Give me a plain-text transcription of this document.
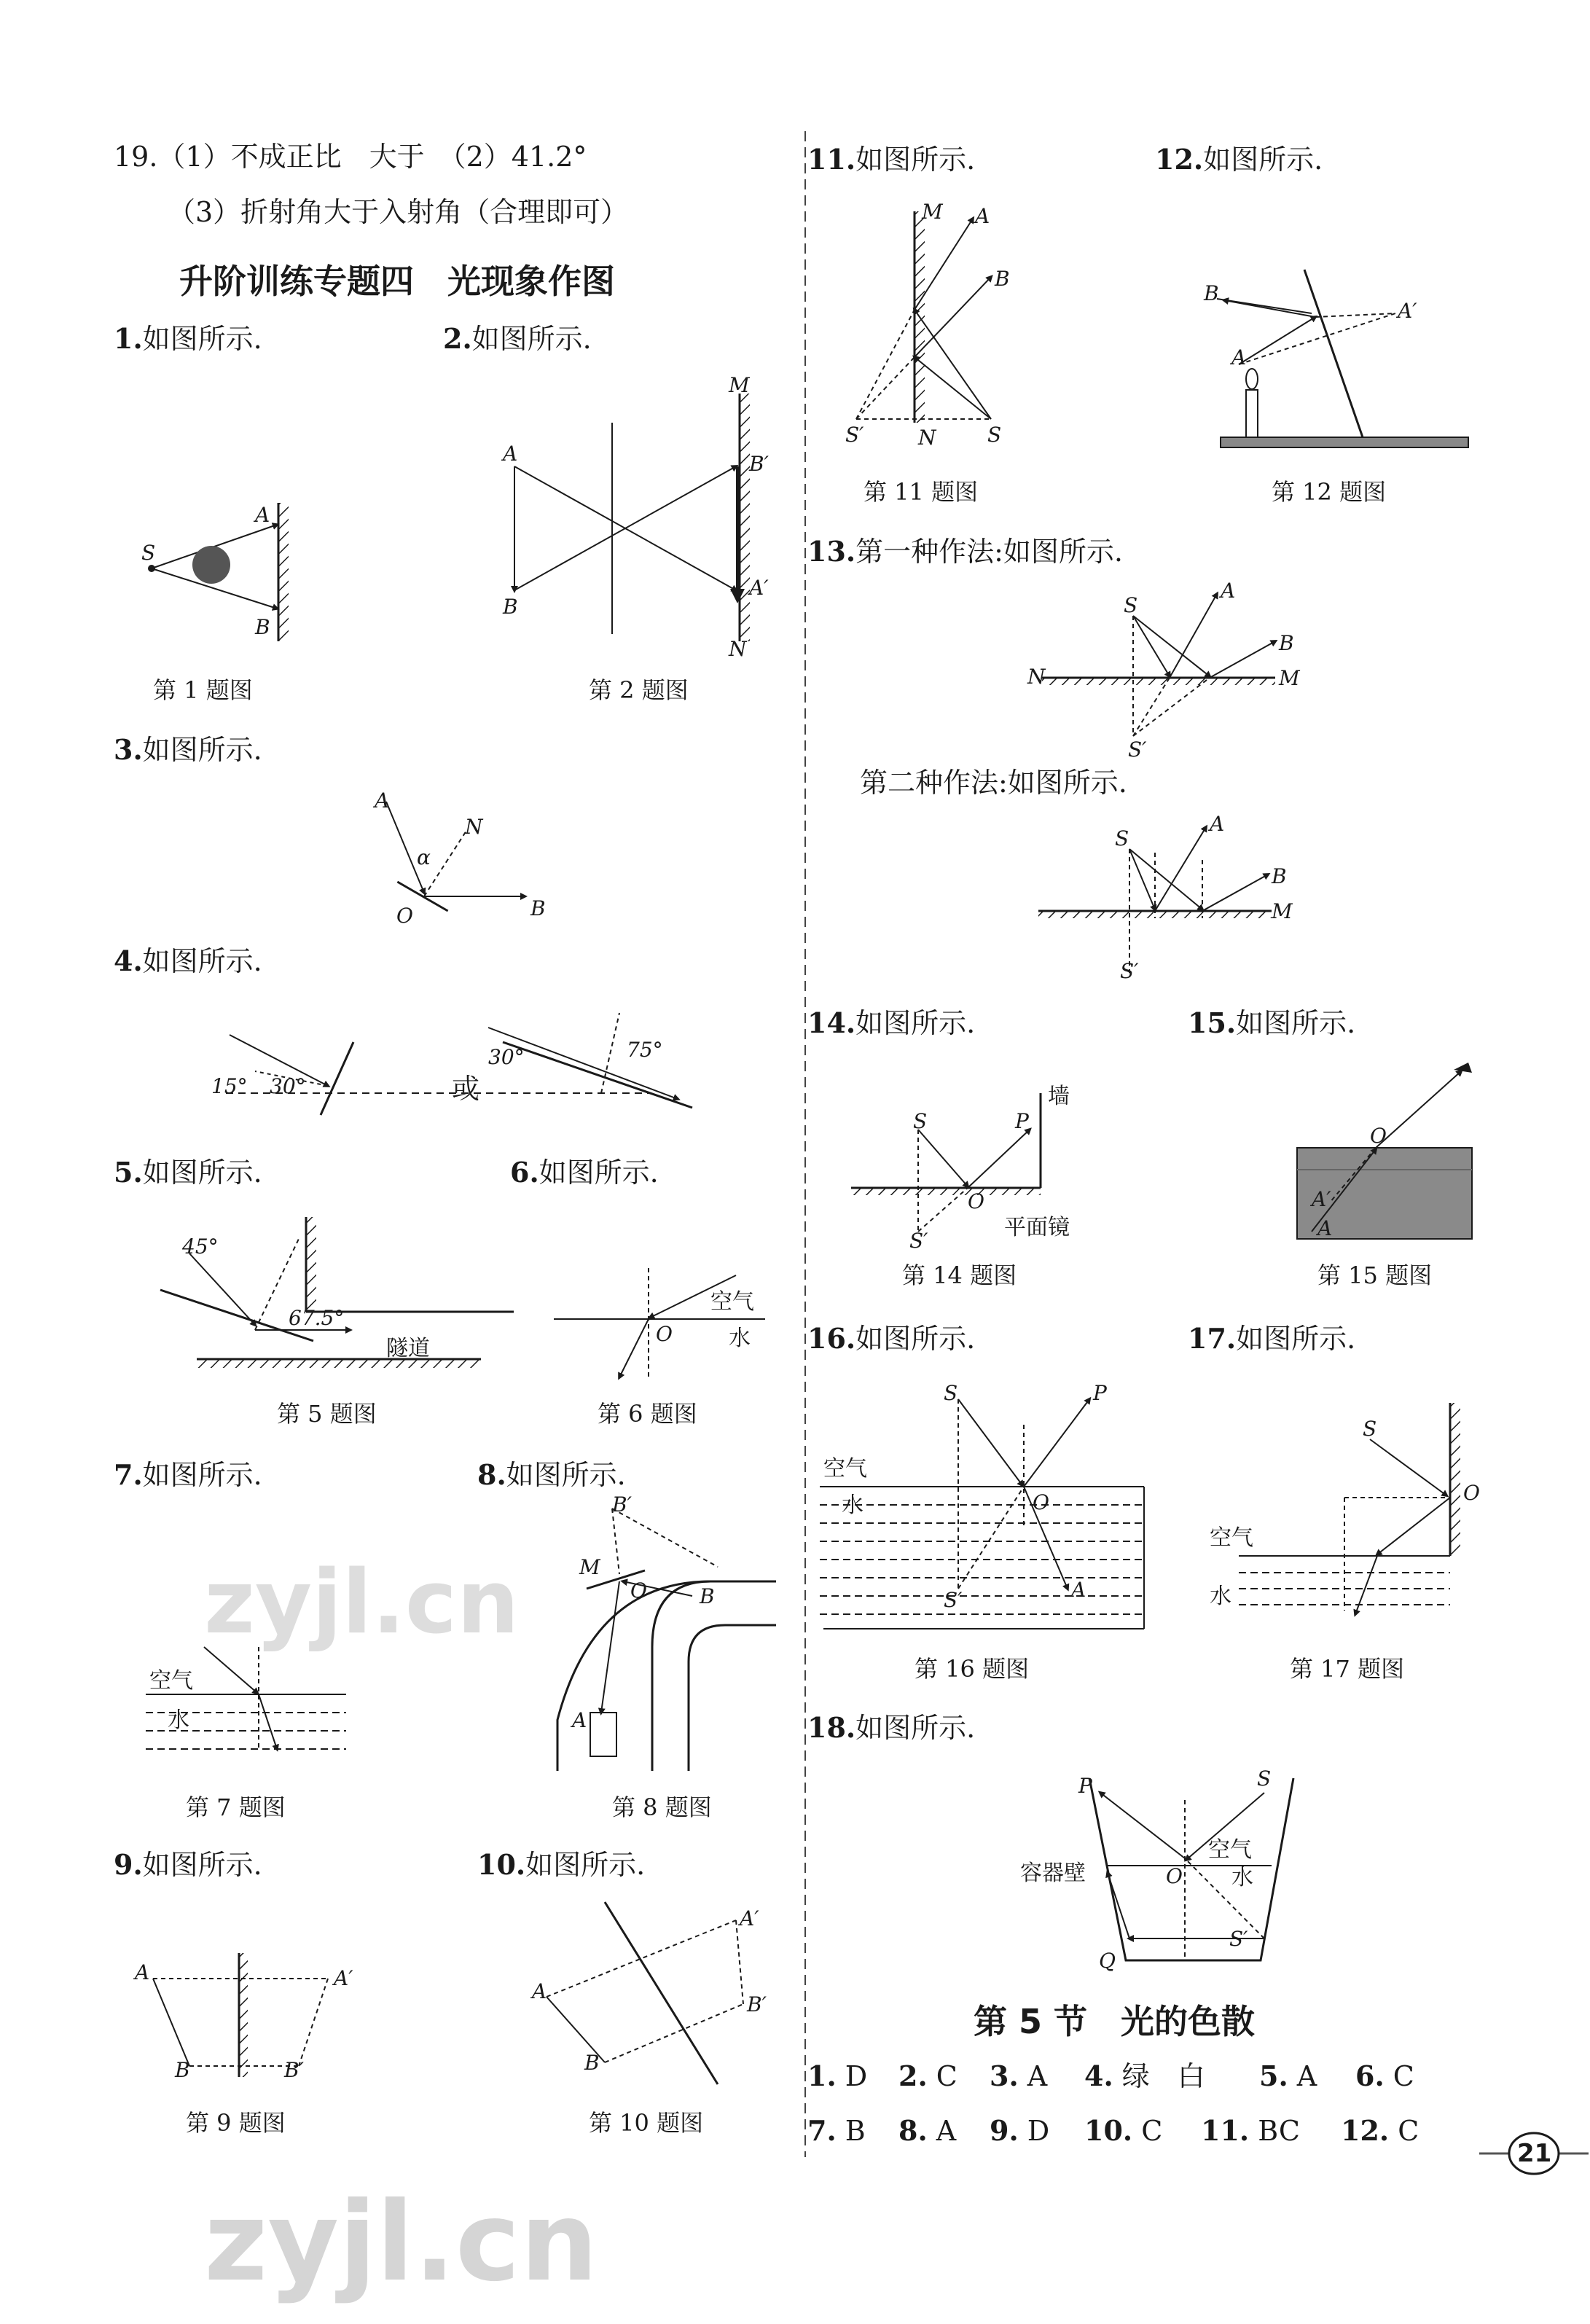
19.（1）不成正比　大于　（2）41.2°
（3）折射角大于入射角（合理即可）
升阶训练专题四　光现象作图
1.如图所示.	2.如图所示.
S
A
B
第 1 题图
M
A
B
B′
A′
N
第 2 题图
3.如图所示.
A
N
α
O	B
4.如图所示.
15° 30°
30°	75°
或
5.如图所示.	6.如图所示.
45°
67.5°
隧道
第 5 题图
O
空气
水
第 6 题图
7.如图所示.	8.如图所示.
空气
水
第 7 题图
B′
M
O	B
A
第 8 题图
9.如图所示.	10.如图所示.
A	A′
B	B′
第 9 题图
A
A′
B
B′
第 10 题图
11.如图所示.	12.如图所示.
M A
B
S′	N	S
第 11 题图
B
A′
A
第 12 题图
13.第一种作法:如图所示.
S
A
B
N	M
S′
第二种作法:如图所示.
S
A
B
M
S′
14.如图所示.	15.如图所示.
S	P
O
S′
墙
平面镜
第 14 题图
O
A′
A
第 15 题图
16.如图所示.	17.如图所示.
S	P
O
S′	A
空气
水
第 16 题图
S
O
空气
水
第 17 题图
18.如图所示.
P	S
O
Q
S′
空气
水
容器壁
第 5 节　光的色散
1. D 2. C 3. A 4. 绿　白 5. A 6. C
7. B 8. A 9. D 10. C 11. BC 12. C
21
zyjl.cn
zyjl.cn
